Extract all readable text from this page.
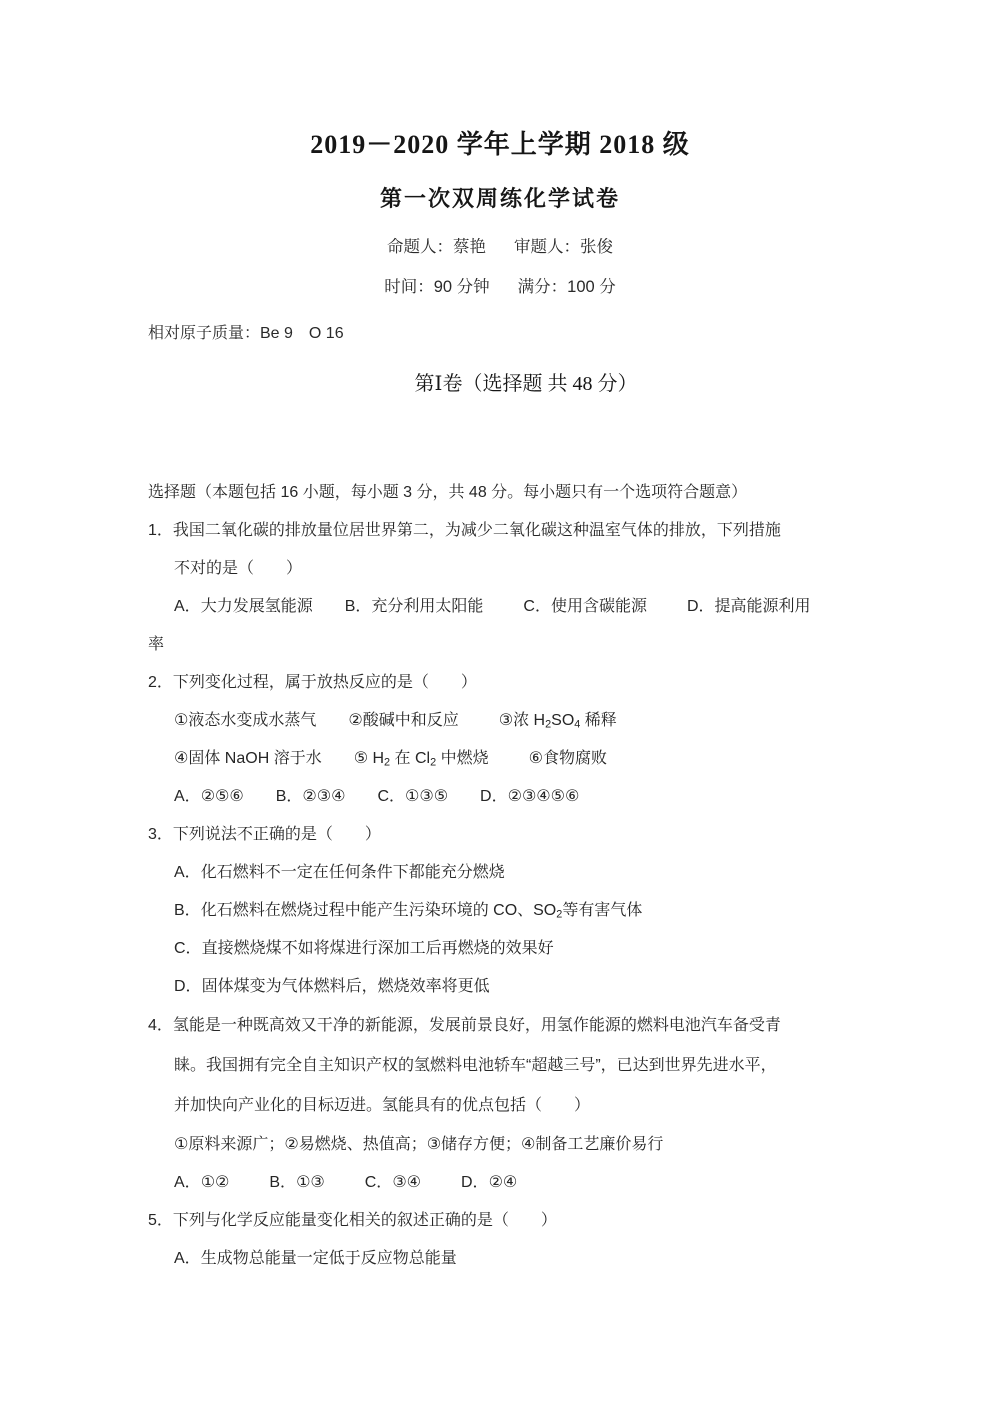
2019－2020 学年上学期 2018 级
第一次双周练化学试卷

命题人：蔡艳 审题人：张俊

时间：90 分钟 满分：100 分

相对原子质量：Be 9　O 16

第Ⅰ卷（选择题 共 48 分）

选择题（本题包括 16 小题，每小题 3 分，共 48 分。每小题只有一个选项符合题意）

1．我国二氧化碳的排放量位居世界第二，为减少二氧化碳这种温室气体的排放，下列措施

不对的是（　　）

A．大力发展氢能源 B．充分利用太阳能	C．使用含碳能源	D．提高能源利用

率

2．下列变化过程，属于放热反应的是（　　）

①液态水变成水蒸气 ②酸碱中和反应	③浓 $H_2SO_4$ 稀释

④固体 NaOH 溶于水 ⑤ $H_2$ 在 $Cl_2$ 中燃烧	⑥食物腐败

A．②⑤⑥ B．②③④ C．①③⑤ D．②③④⑤⑥

3．下列说法不正确的是（　　）

A．化石燃料不一定在任何条件下都能充分燃烧

B．化石燃料在燃烧过程中能产生污染环境的 CO、$SO_2$等有害气体

C．直接燃烧煤不如将煤进行深加工后再燃烧的效果好

D．固体煤变为气体燃料后，燃烧效率将更低

4．氢能是一种既高效又干净的新能源，发展前景良好，用氢作能源的燃料电池汽车备受青

睐。我国拥有完全自主知识产权的氢燃料电池轿车“超越三号”，已达到世界先进水平，

并加快向产业化的目标迈进。氢能具有的优点包括（　　）

①原料来源广；②易燃烧、热值高；③储存方便；④制备工艺廉价易行

A．①②	B．①③	C．③④	D．②④

5．下列与化学反应能量变化相关的叙述正确的是（　　）

A．生成物总能量一定低于反应物总能量
